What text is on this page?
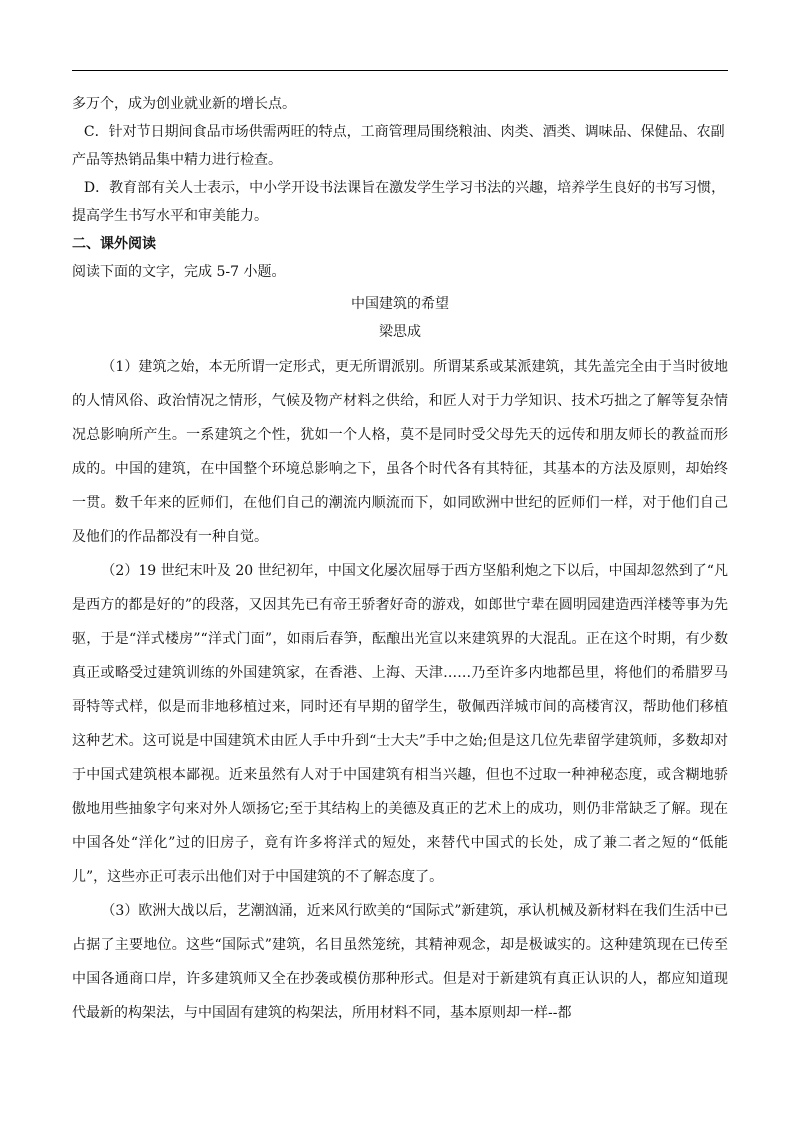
多万个，成为创业就业新的增长点。
C．针对节日期间食品市场供需两旺的特点，工商管理局围绕粮油、肉类、酒类、调味品、保健品、农副
产品等热销品集中精力进行检查。
D．教育部有关人士表示，中小学开设书法课旨在激发学生学习书法的兴趣，培养学生良好的书写习惯，
提高学生书写水平和审美能力。
二、课外阅读
阅读下面的文字，完成 5-7 小题。
中国建筑的希望
梁思成
（1）建筑之始，本无所谓一定形式，更无所谓派别。所谓某系或某派建筑，其先盖完全由于当时彼地的人情风俗、政治情况之情形，气候及物产材料之供给，和匠人对于力学知识、技术巧拙之了解等复杂情况总影响所产生。一系建筑之个性，犹如一个人格，莫不是同时受父母先天的远传和朋友师长的教益而形成的。中国的建筑，在中国整个环境总影响之下，虽各个时代各有其特征，其基本的方法及原则，却始终一贯。数千年来的匠师们，在他们自己的潮流内顺流而下，如同欧洲中世纪的匠师们一样，对于他们自己及他们的作品都没有一种自觉。
（2）19 世纪末叶及 20 世纪初年，中国文化屡次屈辱于西方坚船利炮之下以后，中国却忽然到了“凡是西方的都是好的”的段落，又因其先已有帝王骄奢好奇的游戏，如郎世宁辈在圆明园建造西洋楼等事为先驱，于是“洋式楼房”“洋式门面”，如雨后春笋，酝酿出光宣以来建筑界的大混乱。正在这个时期，有少数真正或略受过建筑训练的外国建筑家，在香港、上海、天津……乃至许多内地都邑里，将他们的希腊罗马哥特等式样，似是而非地移植过来，同时还有早期的留学生，敬佩西洋城市间的高楼宵汉，帮助他们移植这种艺术。这可说是中国建筑术由匠人手中升到“士大夫”手中之始;但是这几位先辈留学建筑师，多数却对于中国式建筑根本鄙视。近来虽然有人对于中国建筑有相当兴趣，但也不过取一种神秘态度，或含糊地骄傲地用些抽象字句来对外人颂扬它;至于其结构上的美德及真正的艺术上的成功，则仍非常缺乏了解。现在中国各处“洋化”过的旧房子，竟有许多将洋式的短处，来替代中国式的长处，成了兼二者之短的“低能儿”，这些亦正可表示出他们对于中国建筑的不了解态度了。
（3）欧洲大战以后，艺潮汹涌，近来风行欧美的“国际式”新建筑，承认机械及新材料在我们生活中已占据了主要地位。这些“国际式”建筑，名目虽然笼统，其精神观念，却是极诚实的。这种建筑现在已传至中国各通商口岸，许多建筑师又全在抄袭或模仿那种形式。但是对于新建筑有真正认识的人，都应知道现代最新的构架法，与中国固有建筑的构架法，所用材料不同，基本原则却一样--都
